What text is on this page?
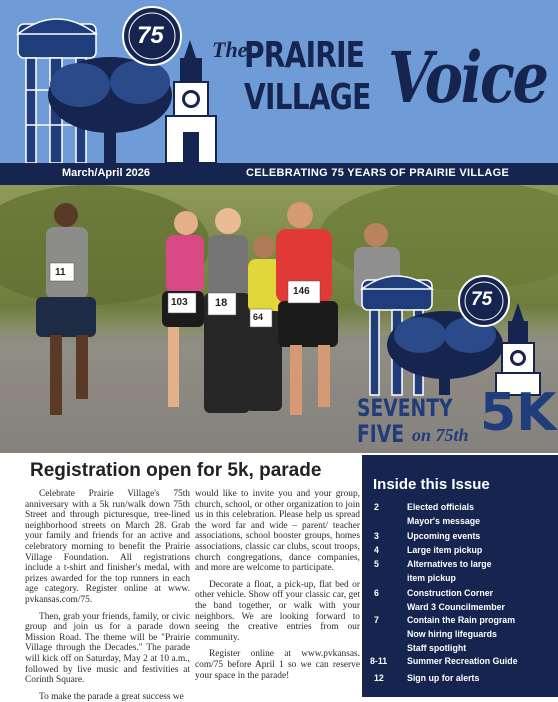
75
The
PRAIRIE
VILLAGE Voice
March/April 2026	CELEBRATING 75 YEARS OF PRAIRIE VILLAGE
11
103 18
64
146	75
SEVENTY
FIVE on 75th 5K
Registration open for 5k, parade

Celebrate Prairie Village's 75th anniversary with a 5k run/walk down 75th Street and through picturesque, tree-lined neighborhood streets on March 28. Grab your family and friends for an active and celebratory morning to benefit the Prairie Village Foundation. All registrations include a t-shirt and finisher's medal, with prizes awarded for the top runners in each age category. Register online at www. pvkansas.com/75.

Then, grab your friends, family, or civic group and join us for a parade down Mission Road. The theme will be "Prairie Village through the Decades." The parade will kick off on Saturday, May 2 at 10 a.m., followed by live music and festivities at Corinth Square.

To make the parade a great success we

would like to invite you and your group, church, school, or other organization to join us in this celebration. Please help us spread the word far and wide – parent/ teacher associations, school booster groups, homes associations, classic car clubs, scout troops, church congregations, dance companies, and more are welcome to participate.

Decorate a float, a pick-up, flat bed or other vehicle. Show off your classic car, get the band together, or walk with your neighbors. We are looking forward to seeing the creative entries from our community.

Register online at www.pvkansas. com/75 before April 1 so we can reserve your space in the parade!

Inside this Issue
2	Elected officials
Mayor's message
3	Upcoming events
4	Large item pickup
5	Alternatives to large
item pickup
6	Construction Corner
Ward 3 Councilmember
7	Contain the Rain program
Now hiring lifeguards
Staff spotlight
8-11 Summer Recreation Guide
12	Sign up for alerts
